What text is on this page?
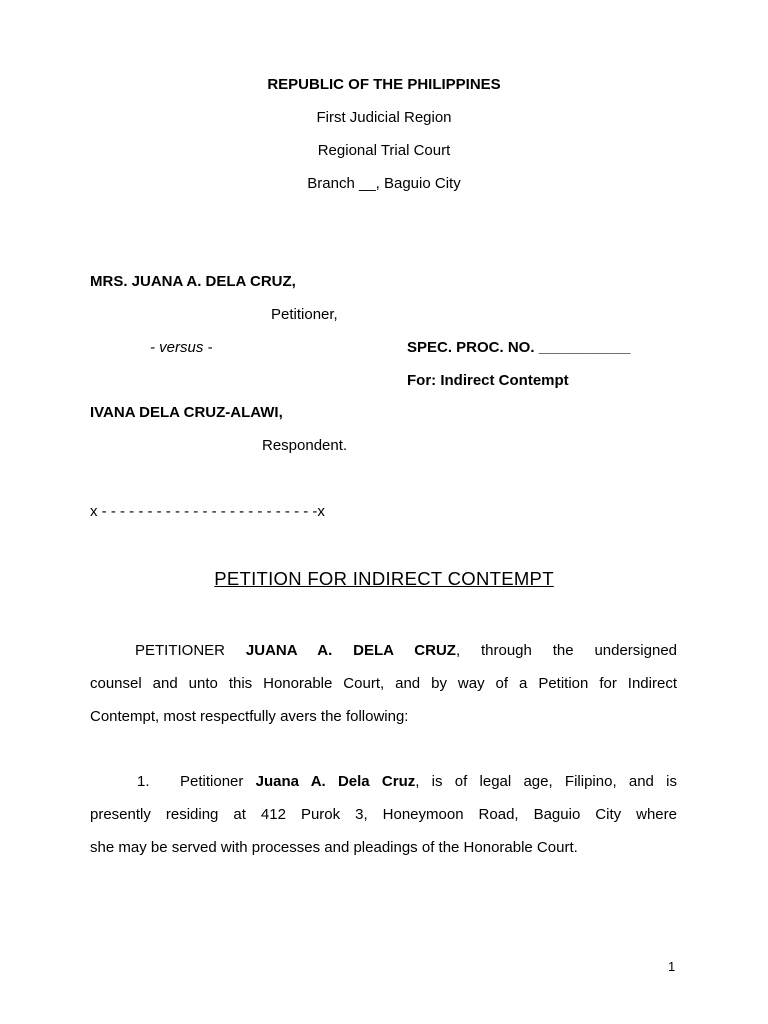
REPUBLIC OF THE PHILIPPINES
First Judicial Region
Regional Trial Court
Branch __, Baguio City
MRS. JUANA A. DELA CRUZ,
Petitioner,
- versus -	SPEC. PROC. NO. ___________
For: Indirect Contempt
IVANA DELA CRUZ-ALAWI,
Respondent.
x - - - - - - - - - - - - - - - - - - - - - - - -x
PETITION FOR INDIRECT CONTEMPT
PETITIONER JUANA A. DELA CRUZ, through the undersigned
counsel and unto this Honorable Court, and by way of a Petition for Indirect
Contempt, most respectfully avers the following:
1. Petitioner Juana A. Dela Cruz, is of legal age, Filipino, and is
presently residing at 412 Purok 3, Honeymoon Road, Baguio City where
she may be served with processes and pleadings of the Honorable Court.
1
